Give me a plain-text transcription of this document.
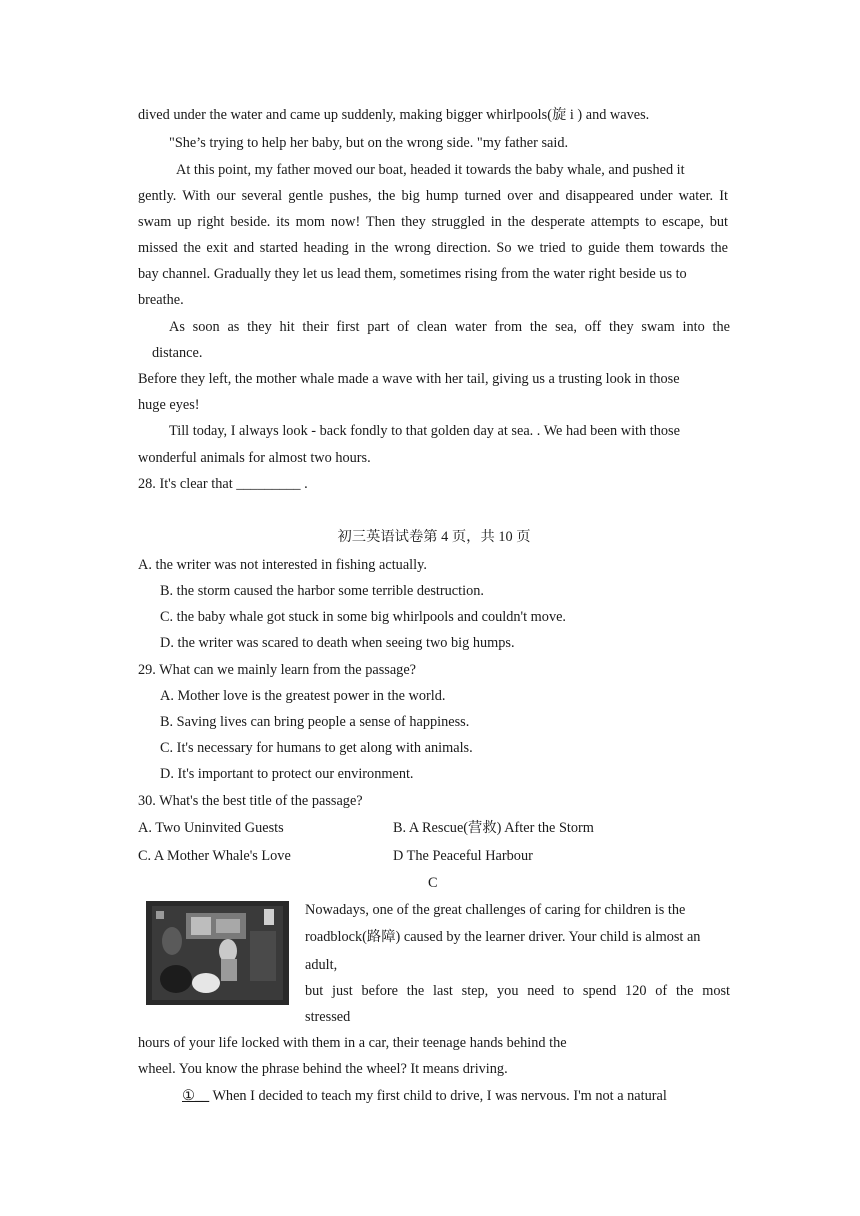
dived under the water and came up suddenly, making bigger whirlpools(旋 i ) and waves.
"She’s trying to help her baby, but on the wrong side. "my father said.
At this point, my father moved our boat, headed it towards the baby whale, and pushed it
gently. With our several gentle pushes, the big hump turned over and disappeared under water. It
swam up right beside. its mom now! Then they struggled in the desperate attempts to escape, but
missed the exit and started heading in the wrong direction. So we tried to guide them towards the
bay channel. Gradually they let us lead them, sometimes rising from the water right beside us to
breathe.
As soon as they hit their first part of clean water from the sea, off they swam into the
distance.
Before they left, the mother whale made a wave with her tail, giving us a trusting look in those
huge eyes!
Till today, I always look - back fondly to that golden day at sea. . We had been with those
wonderful animals for almost two hours.
28. It's clear that _________ .
初三英语试卷第 4 页，共 10 页
A. the writer was not interested in fishing actually.
B. the storm caused the harbor some terrible destruction.
C. the baby whale got stuck in some big whirlpools and couldn't move.
D. the writer was scared to death when seeing two big humps.
29. What can we mainly learn from the passage?
A. Mother love is the greatest power in the world.
B. Saving lives can bring people a sense of happiness.
C. It's necessary for humans to get along with animals.
D. It's important to protect our environment.
30. What's the best title of the passage?
A. Two Uninvited Guests	B. A Rescue(营救) After the Storm
C. A Mother Whale's Love	D The Peaceful Harbour
C
Nowadays, one of the great challenges of caring for children is the
roadblock(路障) caused by the learner driver. Your child is almost an
adult,
but just before the last step, you need to spend 120 of the most
stressed
hours of your life locked with them in a car, their teenage hands behind the
wheel. You know the phrase behind the wheel? It means driving.
①__ When I decided to teach my first child to drive, I was nervous. I'm not a natural
